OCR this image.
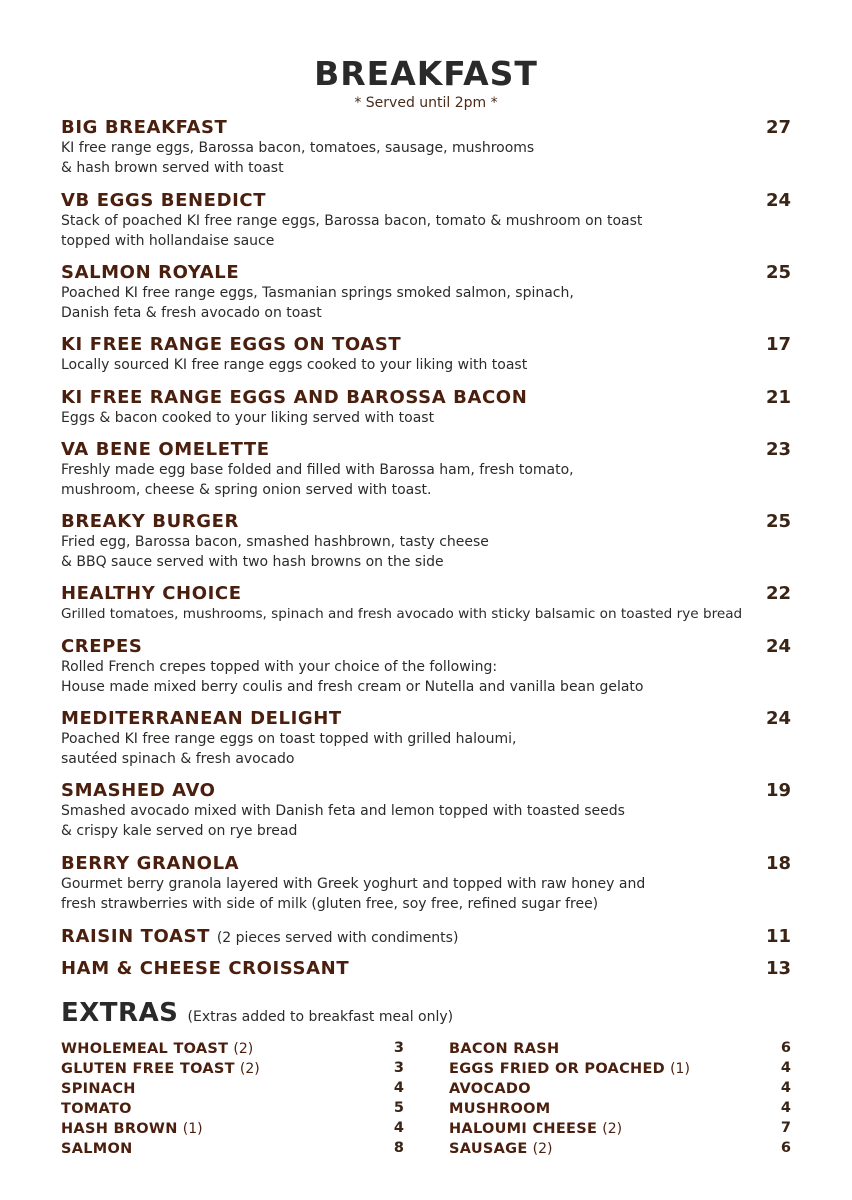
BREAKFAST
* Served until 2pm *
BIG BREAKFAST	27
KI free range eggs, Barossa bacon, tomatoes, sausage, mushrooms
& hash brown served with toast
VB EGGS BENEDICT	24
Stack of poached KI free range eggs, Barossa bacon, tomato & mushroom on toast
topped with hollandaise sauce
SALMON ROYALE	25
Poached KI free range eggs, Tasmanian springs smoked salmon, spinach,
Danish feta & fresh avocado on toast
KI FREE RANGE EGGS ON TOAST	17
Locally sourced KI free range eggs cooked to your liking with toast
KI FREE RANGE EGGS AND BAROSSA BACON	21
Eggs & bacon cooked to your liking served with toast
VA BENE OMELETTE	23
Freshly made egg base folded and filled with Barossa ham, fresh tomato,
mushroom, cheese & spring onion served with toast.
BREAKY BURGER	25
Fried egg, Barossa bacon, smashed hashbrown, tasty cheese
& BBQ sauce served with two hash browns on the side
HEALTHY CHOICE	22
Grilled tomatoes, mushrooms, spinach and fresh avocado with sticky balsamic on toasted rye bread
CREPES	24
Rolled French crepes topped with your choice of the following:
House made mixed berry coulis and fresh cream or Nutella and vanilla bean gelato
MEDITERRANEAN DELIGHT	24
Poached KI free range eggs on toast topped with grilled haloumi,
sautéed spinach & fresh avocado
SMASHED AVO	19
Smashed avocado mixed with Danish feta and lemon topped with toasted seeds
& crispy kale served on rye bread
BERRY GRANOLA	18
Gourmet berry granola layered with Greek yoghurt and topped with raw honey and
fresh strawberries with side of milk (gluten free, soy free, refined sugar free)
RAISIN TOAST (2 pieces served with condiments)	11
HAM & CHEESE CROISSANT	13
EXTRAS (Extras added to breakfast meal only)
WHOLEMEAL TOAST (2)	3
GLUTEN FREE TOAST (2)	3
SPINACH	4
TOMATO	5
HASH BROWN (1)	4
SALMON	8
BACON RASH	6
EGGS FRIED OR POACHED (1)	4
AVOCADO	4
MUSHROOM	4
HALOUMI CHEESE (2)	7
SAUSAGE (2)	6
